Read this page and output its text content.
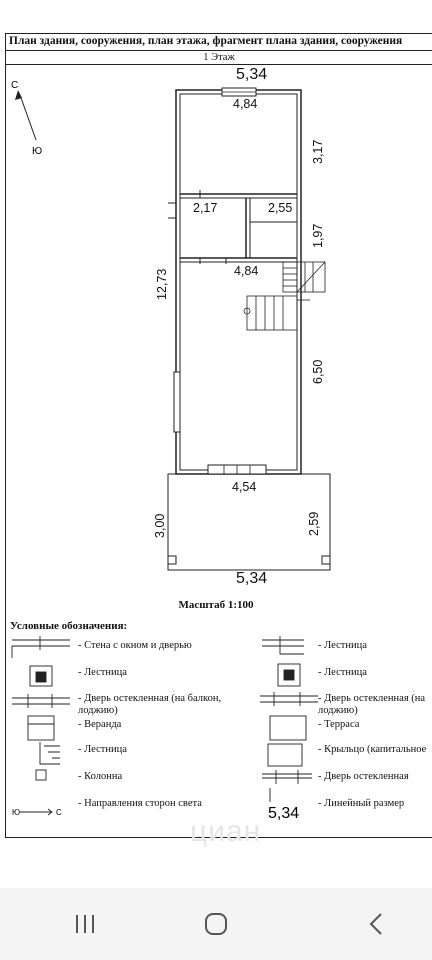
План здания, сооружения, план этажа, фрагмент плана здания, сооружения
1 Этаж
С
Ю
5,34
4,84
3,17
2,17	2,55
1,97
12,73	4,84
6,50
4,54
3,00	2,59
5,34
Масштаб 1:100
Условные обозначения:
Ю	С	5,34
- Стена с окном и дверью
- Лестница
- Дверь остекленная (на балкон,
лоджию)
- Веранда
- Лестница
- Колонна
- Направления сторон света
- Лестница
- Лестница
- Дверь остекленная (на
лоджию)
- Терраса
- Крыльцо (капитальное
- Дверь остекленная
- Линейный размер
циан
